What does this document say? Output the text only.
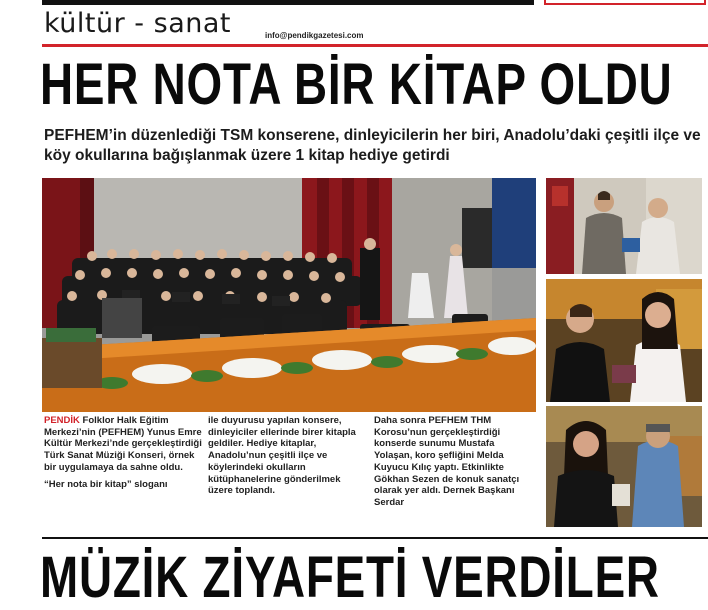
kültür - sanat	info@pendikgazetesi.com
HER NOTA BİR KİTAP OLDU
PEFHEM’in düzenlediği TSM konserene, dinleyicilerin her biri, Anadolu’daki çeşitli ilçe ve köy okullarına bağışlanmak üzere 1 kitap hediye getirdi

PENDİK Folklor Halk Eğitim Merkezi’nin (PEFHEM) Yunus Emre Kültür Merkezi’nde gerçekleştirdiği Türk Sanat Müziği Konseri, örnek bir uygulamaya da sahne oldu.

“Her nota bir kitap” sloganı

ile duyurusu yapılan konsere, dinleyiciler ellerinde birer kitapla geldiler. Hediye kitaplar, Anadolu’nun çeşitli ilçe ve köylerindeki okulların kütüphanelerine gönderilmek üzere toplandı.

Daha sonra PEFHEM THM Korosu’nun gerçekleştirdiği konserde sunumu Mustafa Yolaşan, koro şefliğini Melda Kuyucu Kılıç yaptı. Etkinlikte Gökhan Sezen de konuk sanatçı olarak yer aldı. Dernek Başkanı Serdar

MÜZİK ZİYAFETİ VERDİLER
